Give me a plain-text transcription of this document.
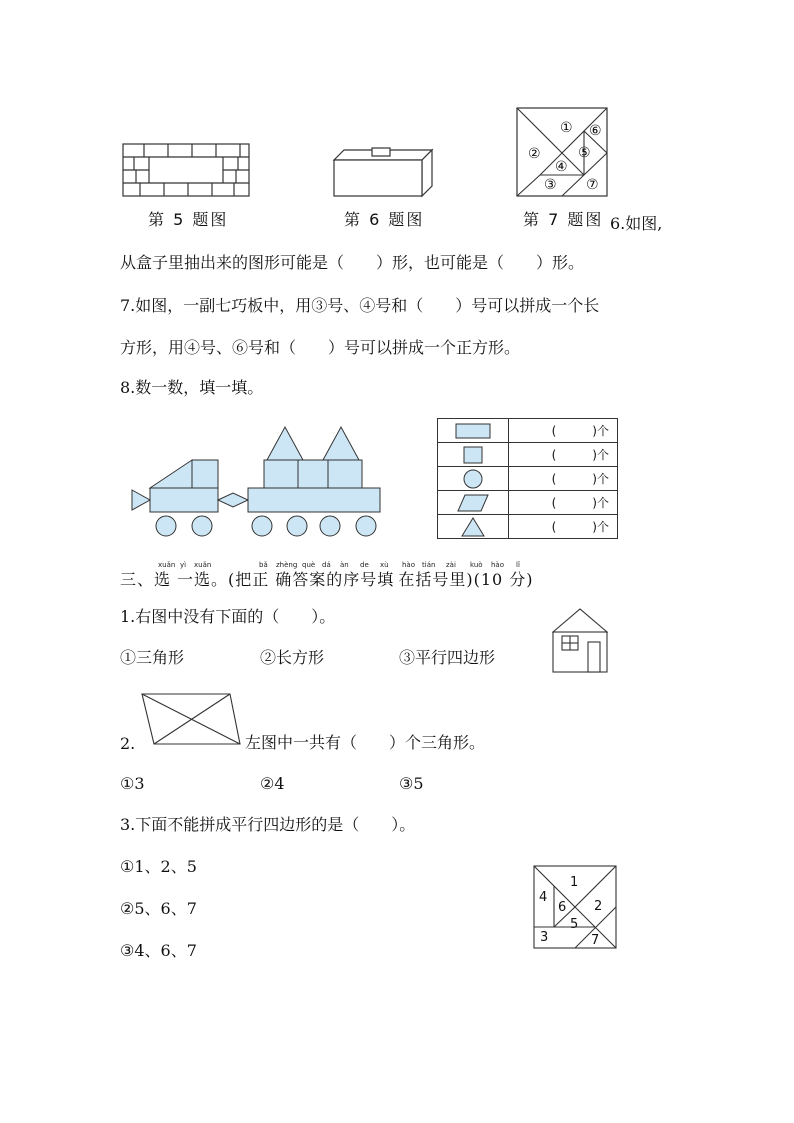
①
②
③
④
⑤
⑥
⑦
第 5 题图	第 6 题图	第 7 题图 6.如图,
从盒子里抽出来的图形可能是（　　）形，也可能是（　　）形。
7.如图，一副七巧板中，用③号、④号和（　　）号可以拼成一个长
方形，用④号、⑥号和（　　）号可以拼成一个正方形。
8.数一数，填一填。
	(　　　)个

	(　　　)个

	(　　　)个

	(　　　)个

	(　　　)个
xuǎn yì xuǎn	bǎ zhèng què dá àn de xù hào tián zài kuò hào lǐ
三、选 一选。(把正 确答案的序号填 在括号里)(10 分)
1.右图中没有下面的（　　）。
①三角形	②长方形	③平行四边形
2.	左图中一共有（　　）个三角形。
①3	②4	③5
3.下面不能拼成平行四边形的是（　　）。
①1、2、5
②5、6、7
③4、6、7
1
2
3
4
5
6
7
